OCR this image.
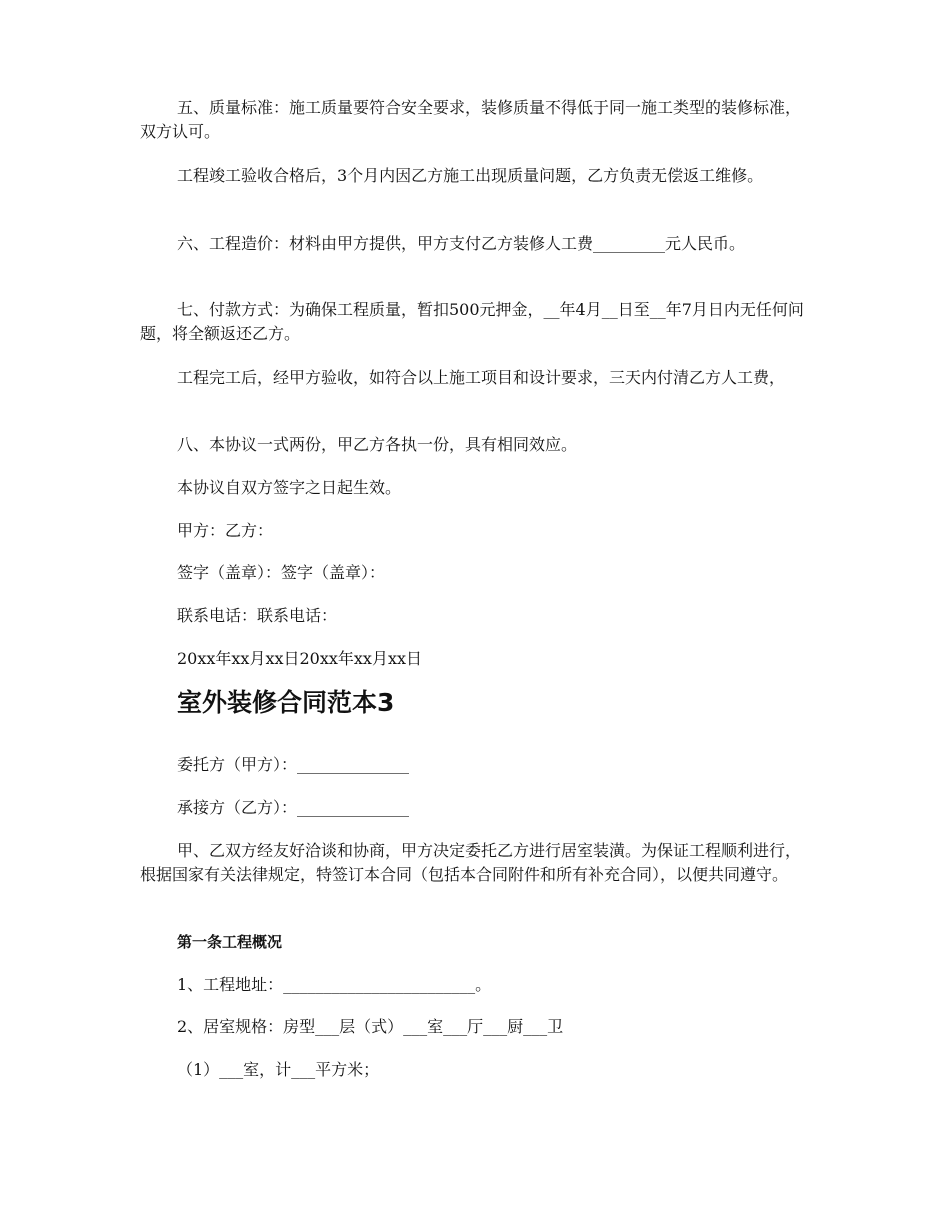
五、质量标准：施工质量要符合安全要求，装修质量不得低于同一施工类型的装修标准，双方认可。

工程竣工验收合格后，3个月内因乙方施工出现质量问题，乙方负责无偿返工维修。

六、工程造价：材料由甲方提供，甲方支付乙方装修人工费_________元人民币。

七、付款方式：为确保工程质量，暂扣500元押金，__年4月__日至__年7月日内无任何问题，将全额返还乙方。

工程完工后，经甲方验收，如符合以上施工项目和设计要求，三天内付清乙方人工费，

八、本协议一式两份，甲乙方各执一份，具有相同效应。

本协议自双方签字之日起生效。

甲方：乙方：

签字（盖章）：签字（盖章）：

联系电话：联系电话：

20xx年xx月xx日20xx年xx月xx日

室外装修合同范本3

委托方（甲方）：______________

承接方（乙方）：______________

甲、乙双方经友好洽谈和协商，甲方决定委托乙方进行居室装潢。为保证工程顺利进行，根据国家有关法律规定，特签订本合同（包括本合同附件和所有补充合同），以便共同遵守。

第一条工程概况

1、工程地址：________________________。

2、居室规格：房型___层（式）___室___厅___厨___卫

（1）___室，计___平方米；
